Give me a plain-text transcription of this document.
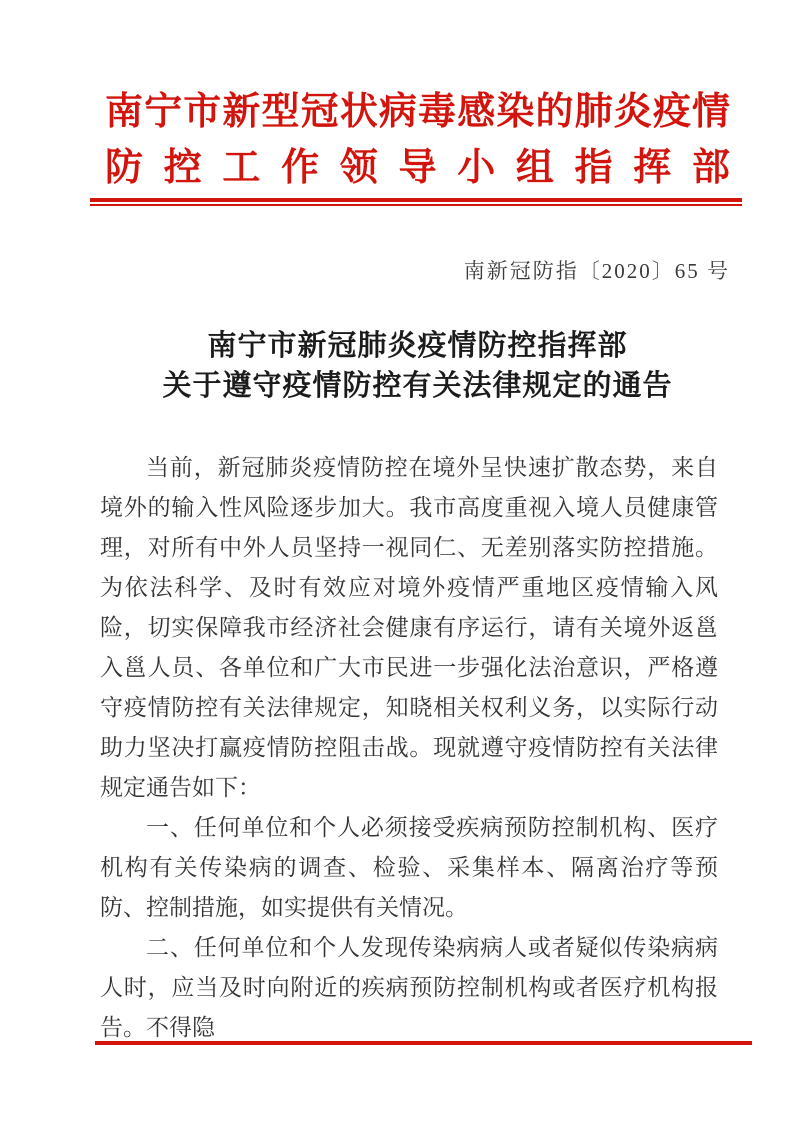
南宁市新型冠状病毒感染的肺炎疫情
防控工作领导小组指挥部
南新冠防指〔2020〕65 号
南宁市新冠肺炎疫情防控指挥部
关于遵守疫情防控有关法律规定的通告

当前，新冠肺炎疫情防控在境外呈快速扩散态势，来自境外的输入性风险逐步加大。我市高度重视入境人员健康管理，对所有中外人员坚持一视同仁、无差别落实防控措施。为依法科学、及时有效应对境外疫情严重地区疫情输入风险，切实保障我市经济社会健康有序运行，请有关境外返邕入邕人员、各单位和广大市民进一步强化法治意识，严格遵守疫情防控有关法律规定，知晓相关权利义务，以实际行动助力坚决打赢疫情防控阻击战。现就遵守疫情防控有关法律规定通告如下：

一、任何单位和个人必须接受疾病预防控制机构、医疗机构有关传染病的调查、检验、采集样本、隔离治疗等预防、控制措施，如实提供有关情况。

二、任何单位和个人发现传染病病人或者疑似传染病病人时，应当及时向附近的疾病预防控制机构或者医疗机构报告。不得隐
